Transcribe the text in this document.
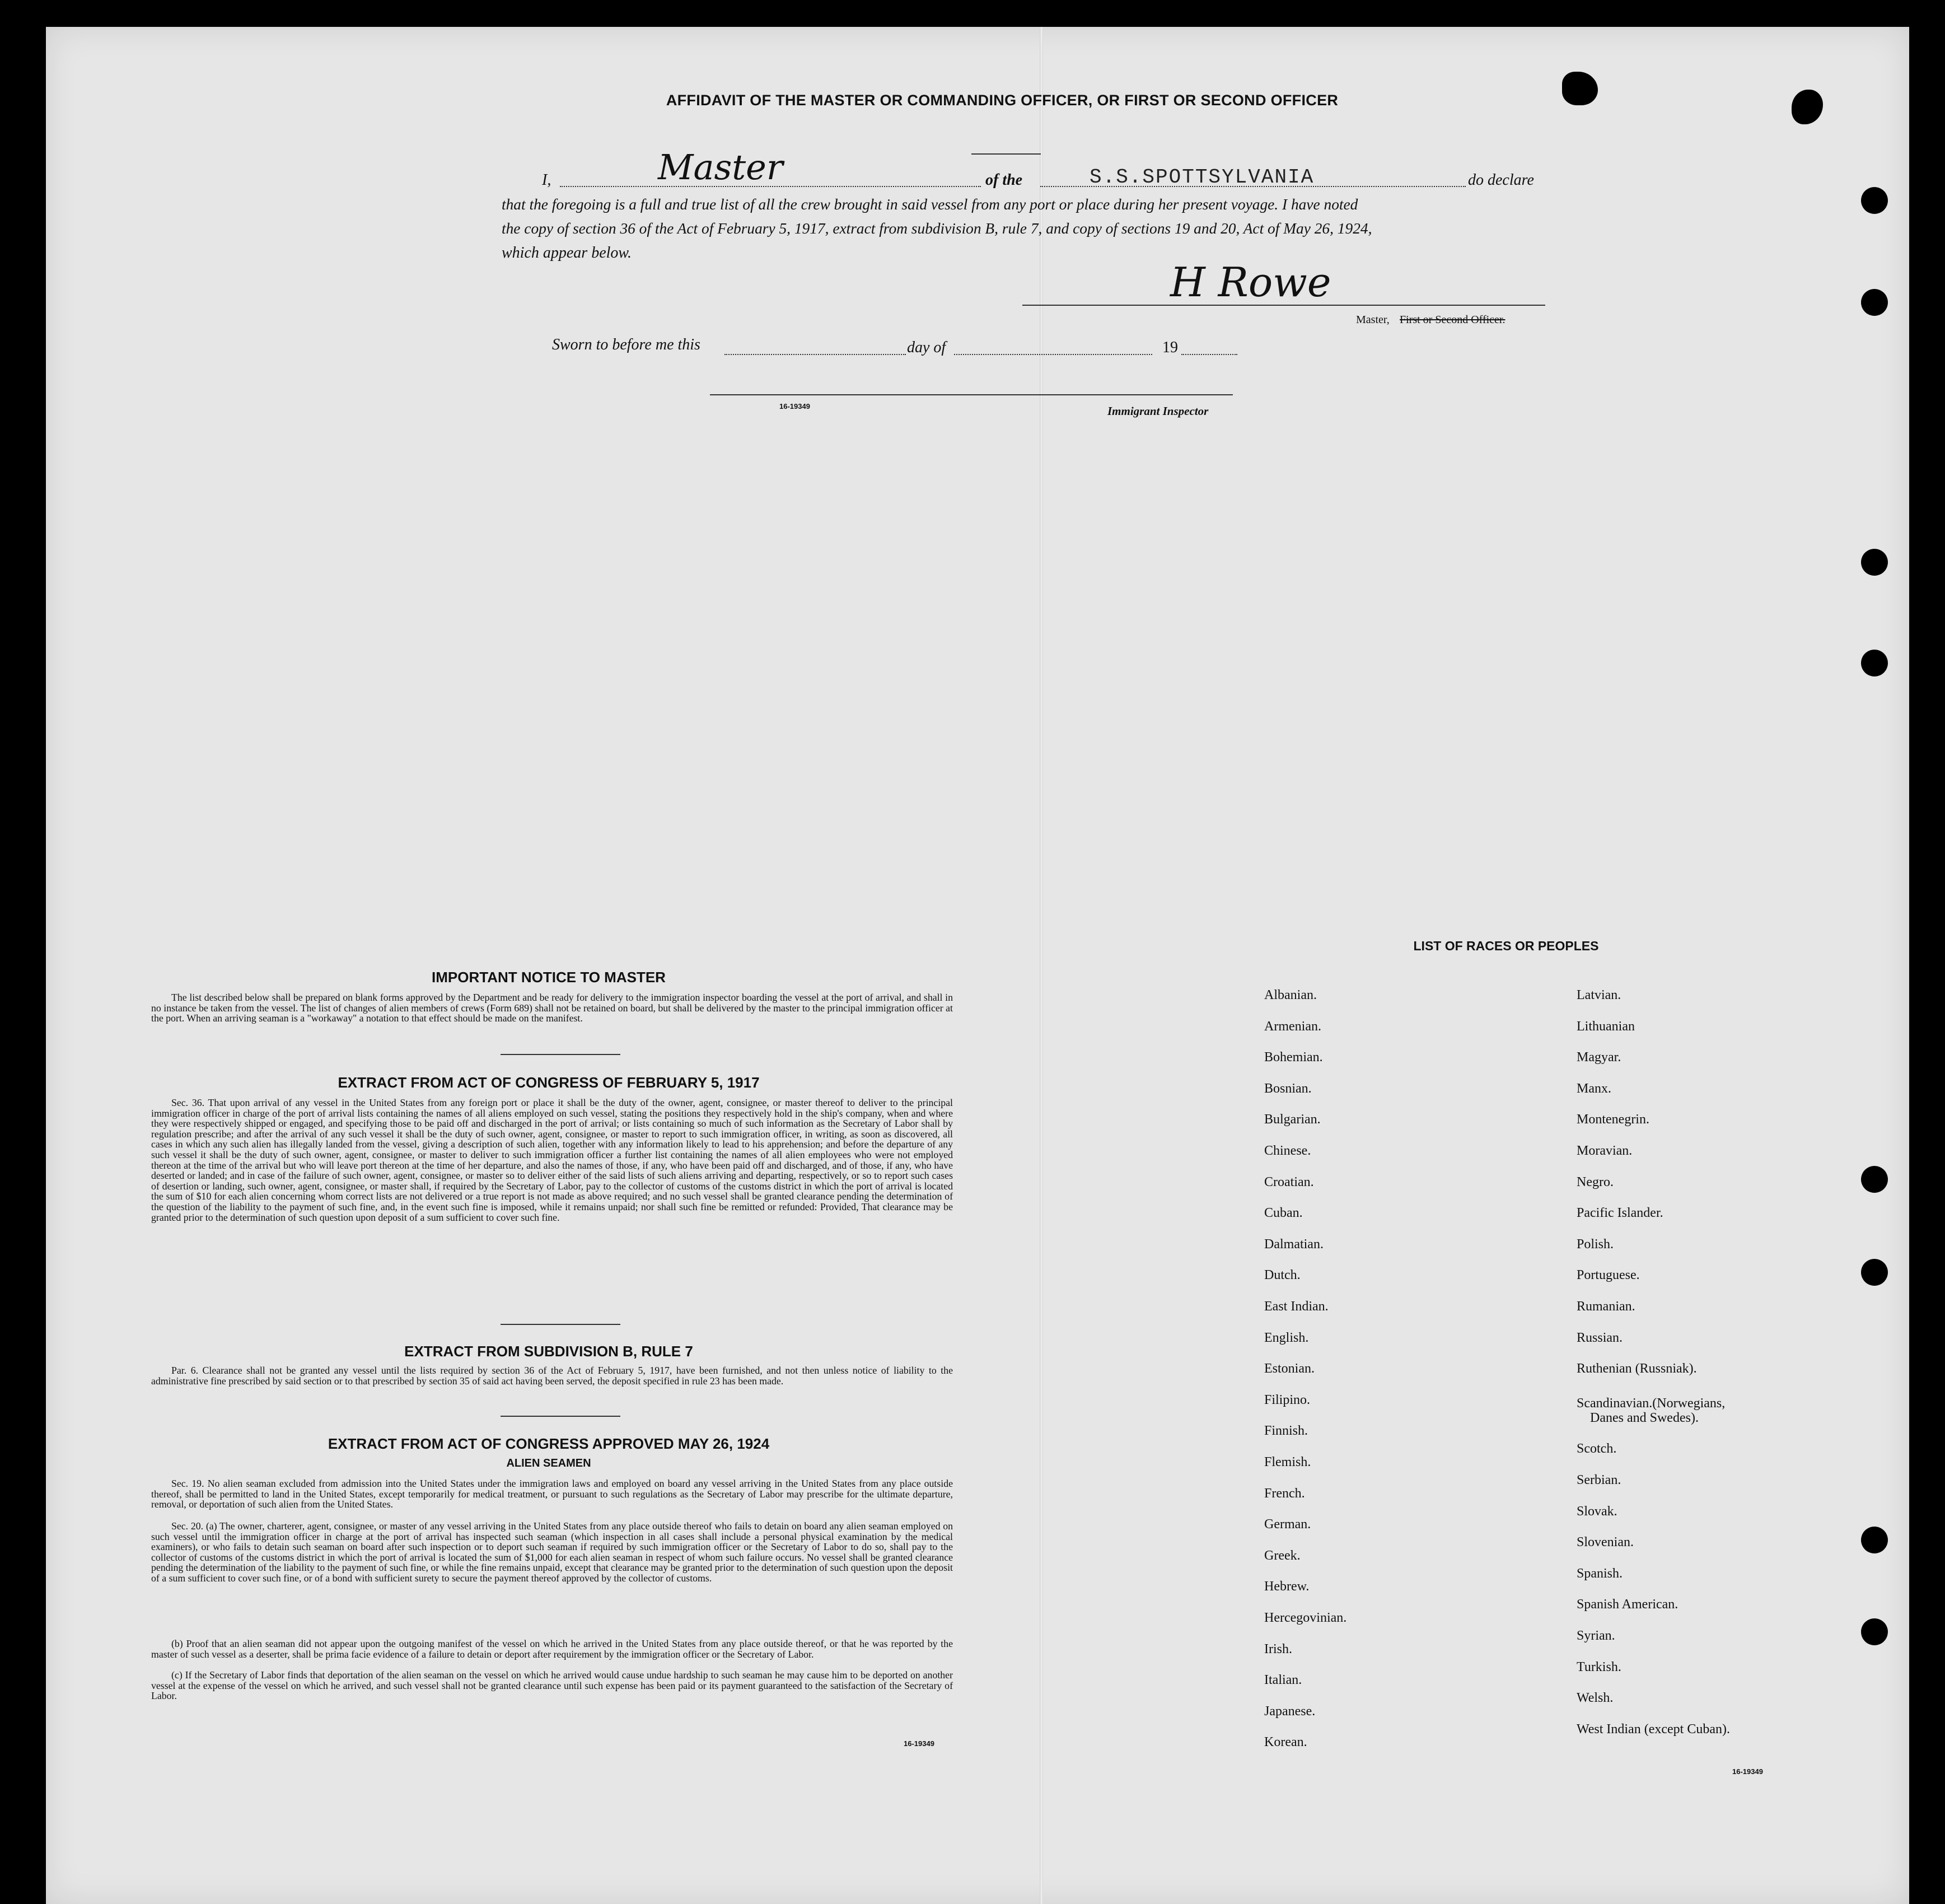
AFFIDAVIT OF THE MASTER OR COMMANDING OFFICER, OR FIRST OR SECOND OFFICER
I,	Master	of the	S.S.SPOTTSYLVANIA	do declare
that the foregoing is a full and true list of all the crew brought in said vessel from any port or place during her present voyage. I have noted
the copy of section 36 of the Act of February 5, 1917, extract from subdivision B, rule 7, and copy of sections 19 and 20, Act of May 26, 1924,
which appear below.
H Rowe
Master, First or Second Officer.
Sworn to before me this	day of	19
16-19349	Immigrant Inspector
IMPORTANT NOTICE TO MASTER
The list described below shall be prepared on blank forms approved by the Department and be ready for delivery to the immigration inspector boarding the vessel at the port of arrival, and shall in no instance be taken from the vessel. The list of changes of alien members of crews (Form 689) shall not be retained on board, but shall be delivered by the master to the principal immigration officer at the port. When an arriving seaman is a "workaway" a notation to that effect should be made on the manifest.
EXTRACT FROM ACT OF CONGRESS OF FEBRUARY 5, 1917
Sec. 36. That upon arrival of any vessel in the United States from any foreign port or place it shall be the duty of the owner, agent, consignee, or master thereof to deliver to the principal immigration officer in charge of the port of arrival lists containing the names of all aliens employed on such vessel, stating the positions they respectively hold in the ship's company, when and where they were respectively shipped or engaged, and specifying those to be paid off and discharged in the port of arrival; or lists containing so much of such information as the Secretary of Labor shall by regulation prescribe; and after the arrival of any such vessel it shall be the duty of such owner, agent, consignee, or master to report to such immigration officer, in writing, as soon as discovered, all cases in which any such alien has illegally landed from the vessel, giving a description of such alien, together with any information likely to lead to his apprehension; and before the departure of any such vessel it shall be the duty of such owner, agent, consignee, or master to deliver to such immigration officer a further list containing the names of all alien employees who were not employed thereon at the time of the arrival but who will leave port thereon at the time of her departure, and also the names of those, if any, who have been paid off and discharged, and of those, if any, who have deserted or landed; and in case of the failure of such owner, agent, consignee, or master so to deliver either of the said lists of such aliens arriving and departing, respectively, or so to report such cases of desertion or landing, such owner, agent, consignee, or master shall, if required by the Secretary of Labor, pay to the collector of customs of the customs district in which the port of arrival is located the sum of $10 for each alien concerning whom correct lists are not delivered or a true report is not made as above required; and no such vessel shall be granted clearance pending the determination of the question of the liability to the payment of such fine, and, in the event such fine is imposed, while it remains unpaid; nor shall such fine be remitted or refunded: Provided, That clearance may be granted prior to the determination of such question upon deposit of a sum sufficient to cover such fine.
EXTRACT FROM SUBDIVISION B, RULE 7
Par. 6. Clearance shall not be granted any vessel until the lists required by section 36 of the Act of February 5, 1917, have been furnished, and not then unless notice of liability to the administrative fine prescribed by said section or to that prescribed by section 35 of said act having been served, the deposit specified in rule 23 has been made.
EXTRACT FROM ACT OF CONGRESS APPROVED MAY 26, 1924
ALIEN SEAMEN
Sec. 19. No alien seaman excluded from admission into the United States under the immigration laws and employed on board any vessel arriving in the United States from any place outside thereof, shall be permitted to land in the United States, except temporarily for medical treatment, or pursuant to such regulations as the Secretary of Labor may prescribe for the ultimate departure, removal, or deportation of such alien from the United States.
Sec. 20. (a) The owner, charterer, agent, consignee, or master of any vessel arriving in the United States from any place outside thereof who fails to detain on board any alien seaman employed on such vessel until the immigration officer in charge at the port of arrival has inspected such seaman (which inspection in all cases shall include a personal physical examination by the medical examiners), or who fails to detain such seaman on board after such inspection or to deport such seaman if required by such immigration officer or the Secretary of Labor to do so, shall pay to the collector of customs of the customs district in which the port of arrival is located the sum of $1,000 for each alien seaman in respect of whom such failure occurs. No vessel shall be granted clearance pending the determination of the liability to the payment of such fine, or while the fine remains unpaid, except that clearance may be granted prior to the determination of such question upon the deposit of a sum sufficient to cover such fine, or of a bond with sufficient surety to secure the payment thereof approved by the collector of customs.
(b) Proof that an alien seaman did not appear upon the outgoing manifest of the vessel on which he arrived in the United States from any place outside thereof, or that he was reported by the master of such vessel as a deserter, shall be prima facie evidence of a failure to detain or deport after requirement by the immigration officer or the Secretary of Labor.
(c) If the Secretary of Labor finds that deportation of the alien seaman on the vessel on which he arrived would cause undue hardship to such seaman he may cause him to be deported on another vessel at the expense of the vessel on which he arrived, and such vessel shall not be granted clearance until such expense has been paid or its payment guaranteed to the satisfaction of the Secretary of Labor.
16-19349
LIST OF RACES OR PEOPLES
Albanian.
Armenian.
Bohemian.
Bosnian.
Bulgarian.
Chinese.
Croatian.
Cuban.
Dalmatian.
Dutch.
East Indian.
English.
Estonian.
Filipino.
Finnish.
Flemish.
French.
German.
Greek.
Hebrew.
Hercegovinian.
Irish.
Italian.
Japanese.
Korean.
Latvian.
Lithuanian
Magyar.
Manx.
Montenegrin.
Moravian.
Negro.
Pacific Islander.
Polish.
Portuguese.
Rumanian.
Russian.
Ruthenian (Russniak).
Scandinavian.(Norwegians,
Danes and Swedes).
Scotch.
Serbian.
Slovak.
Slovenian.
Spanish.
Spanish American.
Syrian.
Turkish.
Welsh.
West Indian (except Cuban).
16-19349
